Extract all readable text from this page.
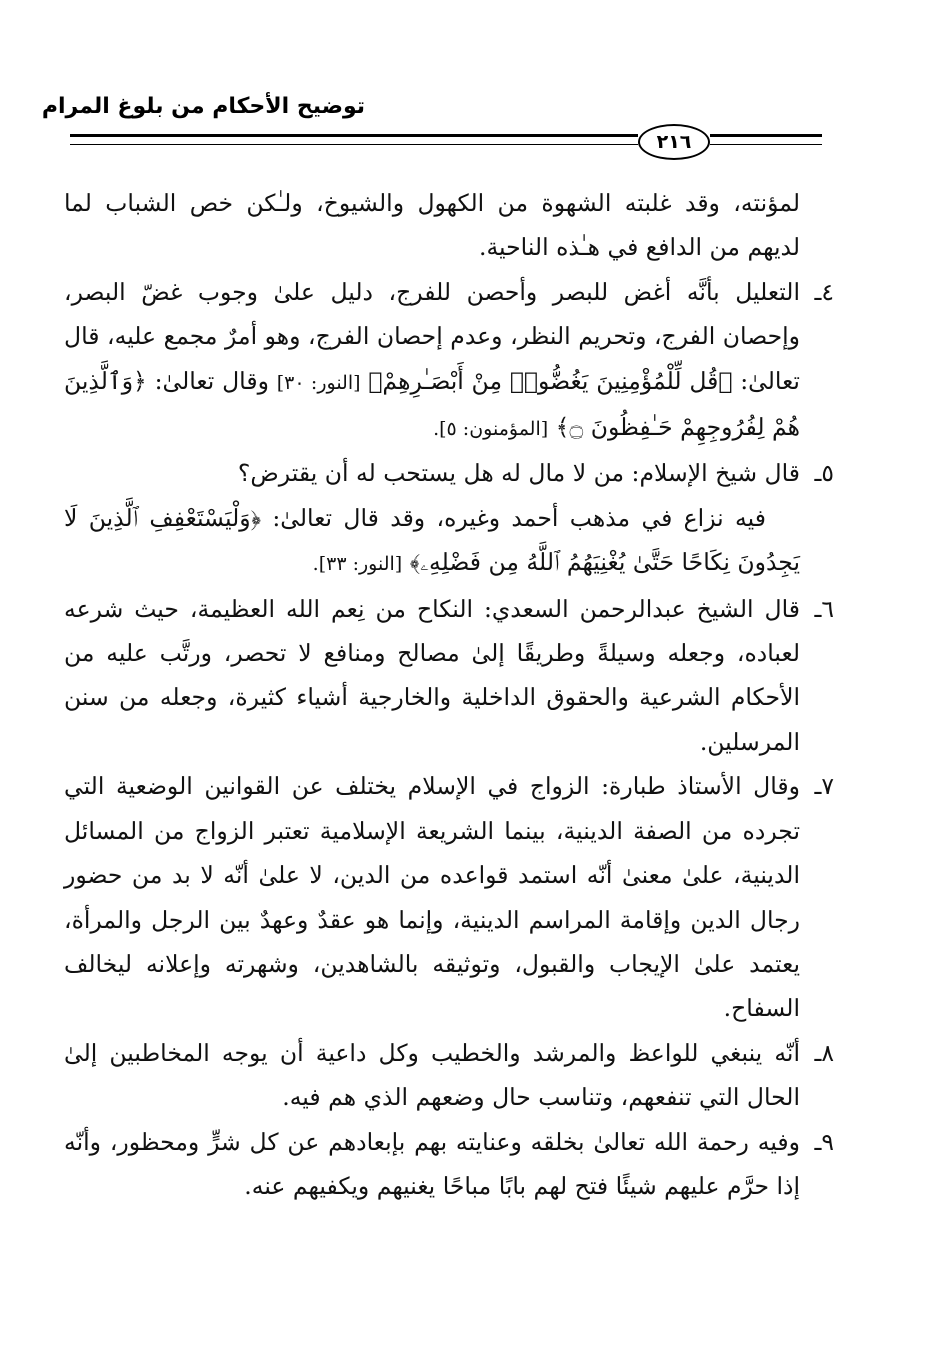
توضيح الأحكام من بلوغ المرام
٢١٦

لمؤنته، وقد غلبته الشهوة من الكهول والشيوخ، ولـٰكن خص الشباب لما لديهم من الدافع في هـٰذه الناحية.

٤ـ

التعليل بأنَّه أغض للبصر وأحصن للفرج، دليل علىٰ وجوب غضّ البصر، وإحصان الفرج، وتحريم النظر، وعدم إحصان الفرج، وهو أمرٌ مجمع عليه، قال تعالىٰ: ﴿قُل لِّلْمُؤْمِنِينَ يَغُضُّوا۟ مِنْ أَبْصَـٰرِهِمْ﴾ [النور: ٣٠] وقال تعالىٰ: ﴿وَٱلَّذِينَ هُمْ لِفُرُوجِهِمْ حَـٰفِظُونَ ۝﴾ [المؤمنون: ٥].

٥ـ

قال شيخ الإسلام: من لا مال له هل يستحب له أن يقترض؟

فيه نزاع في مذهب أحمد وغيره، وقد قال تعالىٰ: ﴿وَلْيَسْتَعْفِفِ ٱلَّذِينَ لَا يَجِدُونَ نِكَاحًا حَتَّىٰ يُغْنِيَهُمُ ٱللَّهُ مِن فَضْلِهِۦ﴾ [النور: ٣٣].

٦ـ

قال الشيخ عبدالرحمن السعدي: النكاح من نِعم الله العظيمة، حيث شرعه لعباده، وجعله وسيلةً وطريقًا إلىٰ مصالح ومنافع لا تحصر، ورتَّب عليه من الأحكام الشرعية والحقوق الداخلية والخارجية أشياء كثيرة، وجعله من سنن المرسلين.

٧ـ

وقال الأستاذ طبارة: الزواج في الإسلام يختلف عن القوانين الوضعية التي تجرده من الصفة الدينية، بينما الشريعة الإسلامية تعتبر الزواج من المسائل الدينية، علىٰ معنىٰ أنّه استمد قواعده من الدين، لا علىٰ أنّه لا بد من حضور رجال الدين وإقامة المراسم الدينية، وإنما هو عقدٌ وعهدٌ بين الرجل والمرأة، يعتمد علىٰ الإيجاب والقبول، وتوثيقه بالشاهدين، وشهرته وإعلانه ليخالف السفاح.

٨ـ

أنّه ينبغي للواعظ والمرشد والخطيب وكل داعية أن يوجه المخاطبين إلىٰ الحال التي تنفعهم، وتناسب حال وضعهم الذي هم فيه.

٩ـ

وفيه رحمة الله تعالىٰ بخلقه وعنايته بهم بإبعادهم عن كل شرٍّ ومحظور، وأنّه إذا حرَّم عليهم شيئًا فتح لهم بابًا مباحًا يغنيهم ويكفيهم عنه.
